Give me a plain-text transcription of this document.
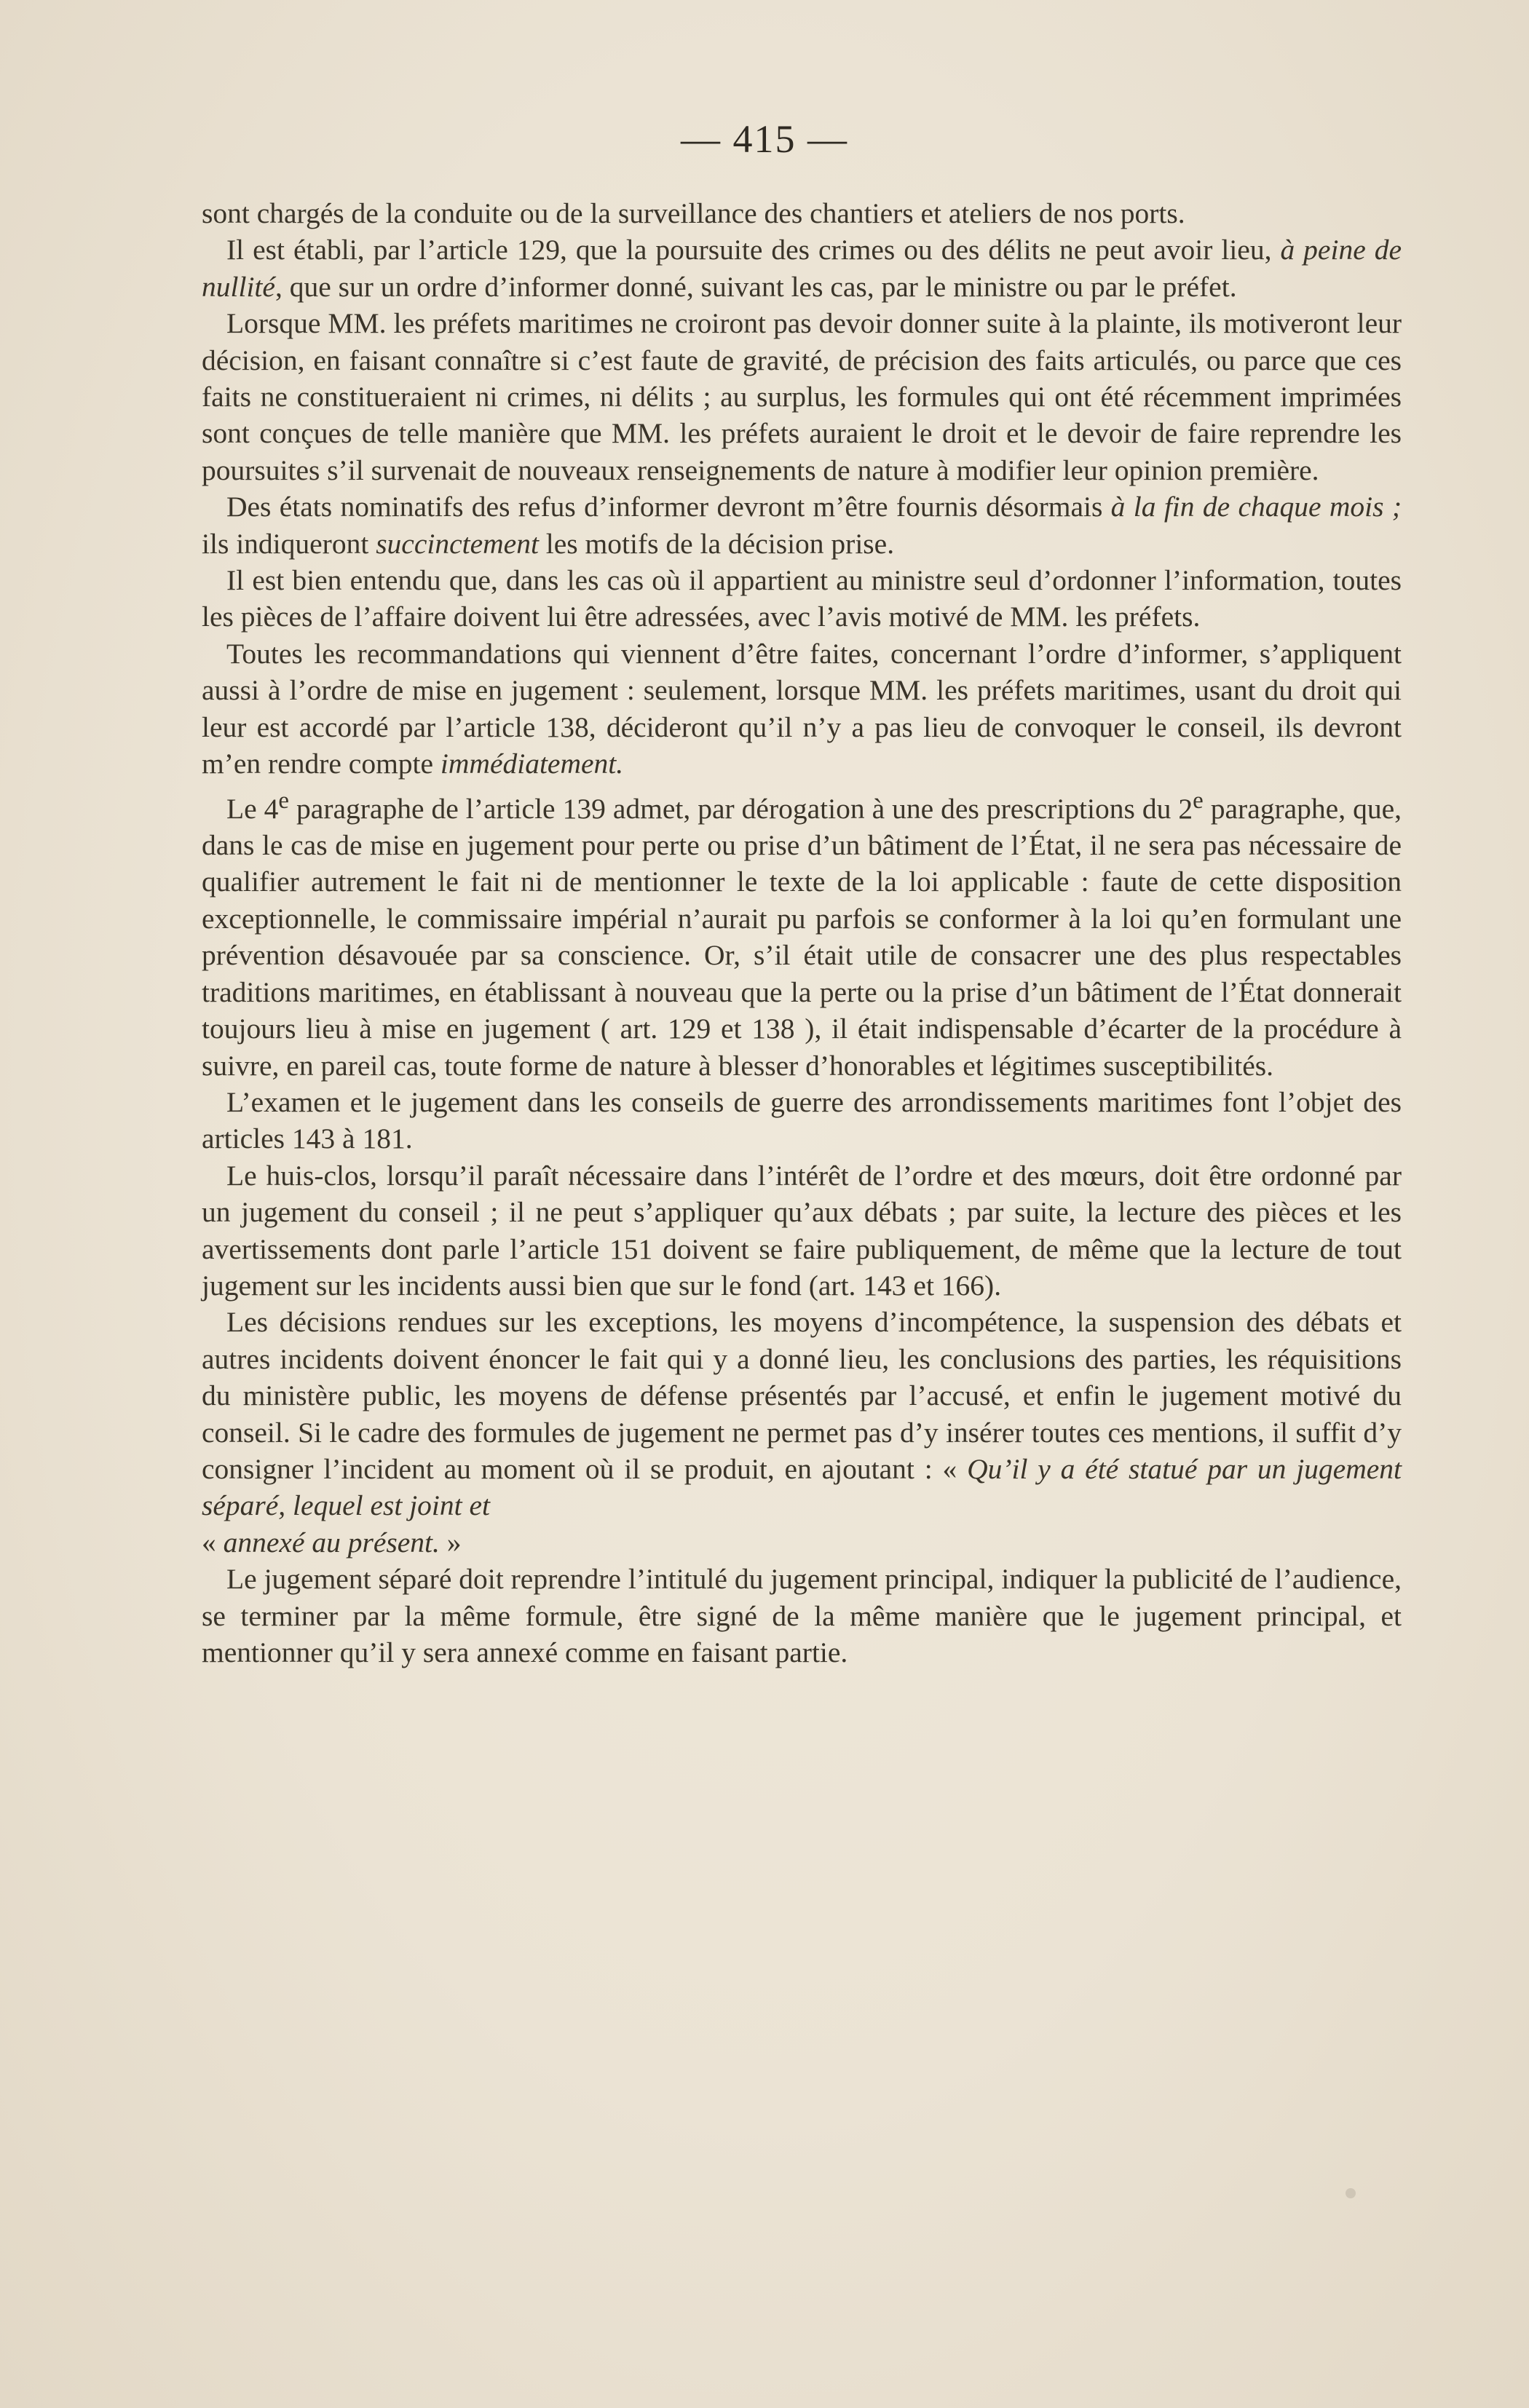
— 415 —

sont chargés de la conduite ou de la surveillance des chantiers et ateliers de nos ports.

Il est établi, par l’article 129, que la poursuite des crimes ou des délits ne peut avoir lieu, à peine de nullité, que sur un ordre d’informer donné, suivant les cas, par le ministre ou par le préfet.

Lorsque MM. les préfets maritimes ne croiront pas devoir donner suite à la plainte, ils motiveront leur décision, en faisant connaître si c’est faute de gravité, de précision des faits articulés, ou parce que ces faits ne constitueraient ni crimes, ni délits ; au surplus, les formules qui ont été récemment imprimées sont conçues de telle manière que MM. les préfets auraient le droit et le devoir de faire reprendre les poursuites s’il survenait de nouveaux renseignements de nature à modifier leur opinion première.

Des états nominatifs des refus d’informer devront m’être fournis désormais à la fin de chaque mois ; ils indiqueront succinctement les motifs de la décision prise.

Il est bien entendu que, dans les cas où il appartient au ministre seul d’ordonner l’information, toutes les pièces de l’affaire doivent lui être adressées, avec l’avis motivé de MM. les préfets.

Toutes les recommandations qui viennent d’être faites, concernant l’ordre d’informer, s’appliquent aussi à l’ordre de mise en jugement : seulement, lorsque MM. les préfets maritimes, usant du droit qui leur est accordé par l’article 138, décideront qu’il n’y a pas lieu de convoquer le conseil, ils devront m’en rendre compte immédiatement.

Le 4e paragraphe de l’article 139 admet, par dérogation à une des prescriptions du 2e paragraphe, que, dans le cas de mise en jugement pour perte ou prise d’un bâtiment de l’État, il ne sera pas nécessaire de qualifier autrement le fait ni de mentionner le texte de la loi applicable : faute de cette disposition exceptionnelle, le commissaire impérial n’aurait pu parfois se conformer à la loi qu’en formulant une prévention désavouée par sa conscience. Or, s’il était utile de consacrer une des plus respectables traditions maritimes, en établissant à nouveau que la perte ou la prise d’un bâtiment de l’État donnerait toujours lieu à mise en jugement ( art. 129 et 138 ), il était indispensable d’écarter de la procédure à suivre, en pareil cas, toute forme de nature à blesser d’honorables et légitimes susceptibilités.

L’examen et le jugement dans les conseils de guerre des arrondissements maritimes font l’objet des articles 143 à 181.

Le huis-clos, lorsqu’il paraît nécessaire dans l’intérêt de l’ordre et des mœurs, doit être ordonné par un jugement du conseil ; il ne peut s’appliquer qu’aux débats ; par suite, la lecture des pièces et les avertissements dont parle l’article 151 doivent se faire publiquement, de même que la lecture de tout jugement sur les incidents aussi bien que sur le fond (art. 143 et 166).

Les décisions rendues sur les exceptions, les moyens d’incompétence, la suspension des débats et autres incidents doivent énoncer le fait qui y a donné lieu, les conclusions des parties, les réquisitions du ministère public, les moyens de défense présentés par l’accusé, et enfin le jugement motivé du conseil. Si le cadre des formules de jugement ne permet pas d’y insérer toutes ces mentions, il suffit d’y consigner l’incident au moment où il se produit, en ajoutant : « Qu’il y a été statué par un jugement séparé, lequel est joint et
« annexé au présent. »

Le jugement séparé doit reprendre l’intitulé du jugement principal, indiquer la publicité de l’audience, se terminer par la même formule, être signé de la même manière que le jugement principal, et mentionner qu’il y sera annexé comme en faisant partie.
